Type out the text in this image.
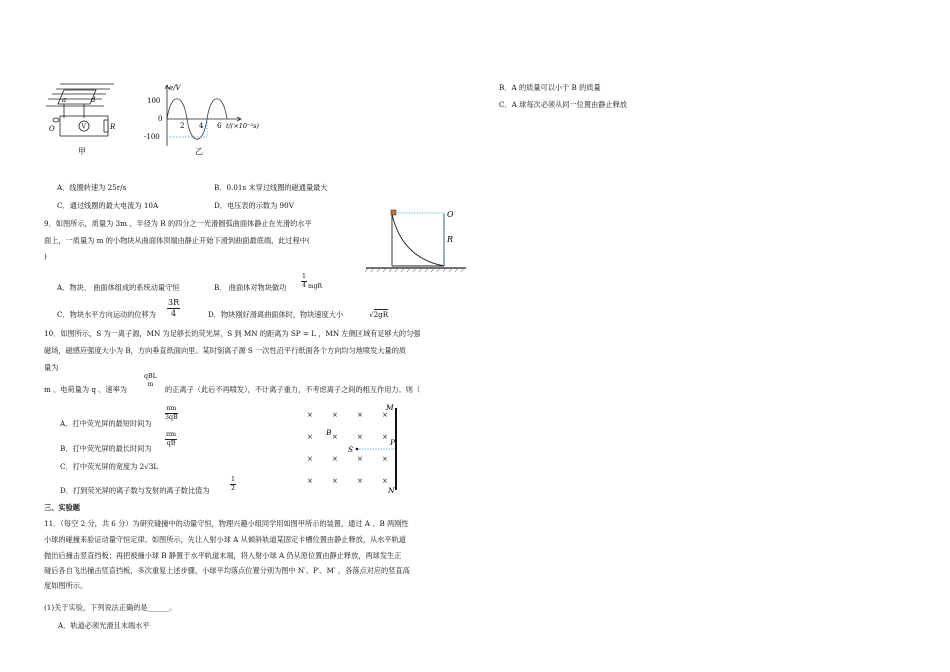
a	d
O	V	R
甲
e/V
100
0
-100
2 4 6 t/(×10⁻²s)
乙
A．线圈转速为 25r/s	B．0.01s 末穿过线圈的磁通量最大
C．通过线圈的最大电流为 10A	D．电压表的示数为 90V
9．如图所示，质量为 3m 、半径为 R 的四分之一光滑圆弧曲面体静止在光滑的水平
面上，一质量为 m 的小物块从曲面体顶端由静止开始下滑到曲面最底端，此过程中(
)
O
R
A．物块、 曲面体组成的系统动量守恒	B． 曲面体对物块做功 $\frac{1}{4}$ mgR
C．物块水平方向运动的位移为 $\frac{3R}{4}$	D．物块刚好滑离曲面体时，物块速度大小	√2gR
10．如图所示，S 为一离子源，MN 为足够长的荧光屏，S 到 MN 的距离为 SP = L ，MN 左侧区域有足够大的匀强
磁场，磁感应强度大小为 B，方向垂直纸面向里。某时刻离子源 S 一次性沿平行纸面各个方向均匀地喷发大量的质
量为
m 、电荷量为 q 、速率为
qBL
m
的正离子（此后不再喷发），不计离子重力，不考虑离子之间的相互作用力。则（
A．打中荧光屏的最短时间为
$\frac{\pi m}{3qB}$
B．打中荧光屏的最长时间为
$\frac{\pi m}{qB}$
C．打中荧光屏的宽度为 2√3L
D．打到荧光屏的离子数与发射的离子数比值为	$\frac{1}{2}$
×	×	×	×
×	×	×	×
×	×	×	×
×	×	×	×
M
N
B
S
P
三、实验题
11．（每空 2 分，共 6 分）为研究碰撞中的动量守恒，物理兴趣小组同学用如图甲所示的装置，通过 A 、B 两刚性
小球的碰撞来验证动量守恒定律。如图所示，先让入射小球 A 从倾斜轨道某固定卡槽位置由静止释放，从水平轨道
抛出后撞击竖直挡板；再把被撞小球 B 静置于水平轨道末端，将入射小球 A 仍从原位置由静止释放，两球发生正
碰后各自飞出撞击竖直挡板，多次重复上述步骤，小球平均落点位置分别为图中 N′、P′、M′ ，各落点对应的竖直高
度如图所示。
(1)关于实验，下列说法正确的是______。
A．轨道必须光滑且末端水平
B．A 的质量可以小于 B 的质量
C．A 球每次必须从同一位置由静止释放
